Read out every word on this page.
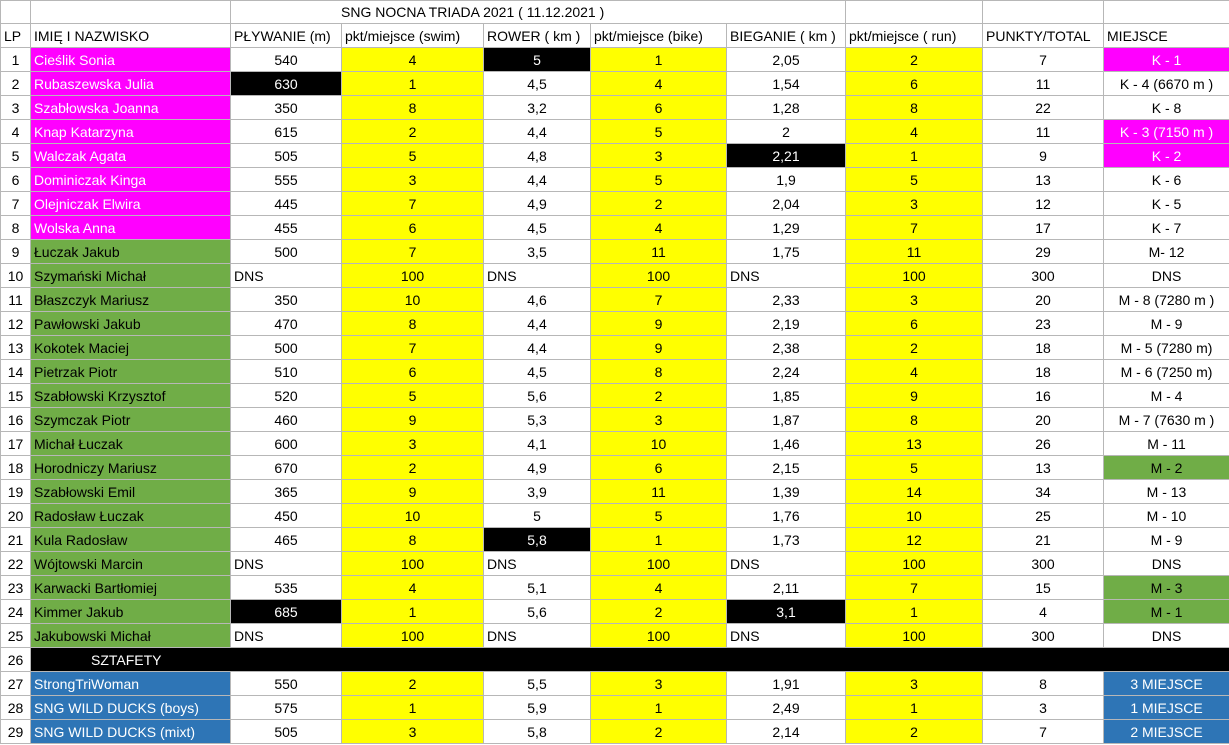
		SNG NOCNA TRIADA 2021 ( 11.12.2021 )							
LP	IMIĘ I NAZWISKO	PŁYWANIE (m)	pkt/miejsce (swim)	ROWER ( km )	pkt/miejsce (bike)	BIEGANIE ( km )	pkt/miejsce ( run)	PUNKTY/TOTAL	MIEJSCE
1	Cieślik Sonia	540	4	5	1	2,05	2	7	K - 1
2	Rubaszewska Julia	630	1	4,5	4	1,54	6	11	K - 4 (6670 m )
3	Szabłowska Joanna	350	8	3,2	6	1,28	8	22	K - 8
4	Knap Katarzyna	615	2	4,4	5	2	4	11	K - 3 (7150 m )
5	Walczak Agata	505	5	4,8	3	2,21	1	9	K - 2
6	Dominiczak Kinga	555	3	4,4	5	1,9	5	13	K - 6
7	Olejniczak Elwira	445	7	4,9	2	2,04	3	12	K - 5
8	Wolska Anna	455	6	4,5	4	1,29	7	17	K - 7
9	Łuczak Jakub	500	7	3,5	11	1,75	11	29	M- 12
10	Szymański Michał	DNS	100	DNS	100	DNS	100	300	DNS
11	Błaszczyk Mariusz	350	10	4,6	7	2,33	3	20	M - 8 (7280 m )
12	Pawłowski Jakub	470	8	4,4	9	2,19	6	23	M - 9
13	Kokotek Maciej	500	7	4,4	9	2,38	2	18	M - 5 (7280 m)
14	Pietrzak Piotr	510	6	4,5	8	2,24	4	18	M - 6 (7250 m)
15	Szabłowski Krzysztof	520	5	5,6	2	1,85	9	16	M - 4
16	Szymczak Piotr	460	9	5,3	3	1,87	8	20	M - 7 (7630 m )
17	Michał Łuczak	600	3	4,1	10	1,46	13	26	M - 11
18	Horodniczy Mariusz	670	2	4,9	6	2,15	5	13	M - 2
19	Szabłowski Emil	365	9	3,9	11	1,39	14	34	M - 13
20	Radosław Łuczak	450	10	5	5	1,76	10	25	M - 10
21	Kula Radosław	465	8	5,8	1	1,73	12	21	M - 9
22	Wójtowski Marcin	DNS	100	DNS	100	DNS	100	300	DNS
23	Karwacki Bartłomiej	535	4	5,1	4	2,11	7	15	M - 3
24	Kimmer Jakub	685	1	5,6	2	3,1	1	4	M - 1
25	Jakubowski Michał	DNS	100	DNS	100	DNS	100	300	DNS
26	SZTAFETY								
27	StrongTriWoman	550	2	5,5	3	1,91	3	8	3 MIEJSCE
28	SNG WILD DUCKS (boys)	575	1	5,9	1	2,49	1	3	1 MIEJSCE
29	SNG WILD DUCKS (mixt)	505	3	5,8	2	2,14	2	7	2 MIEJSCE
